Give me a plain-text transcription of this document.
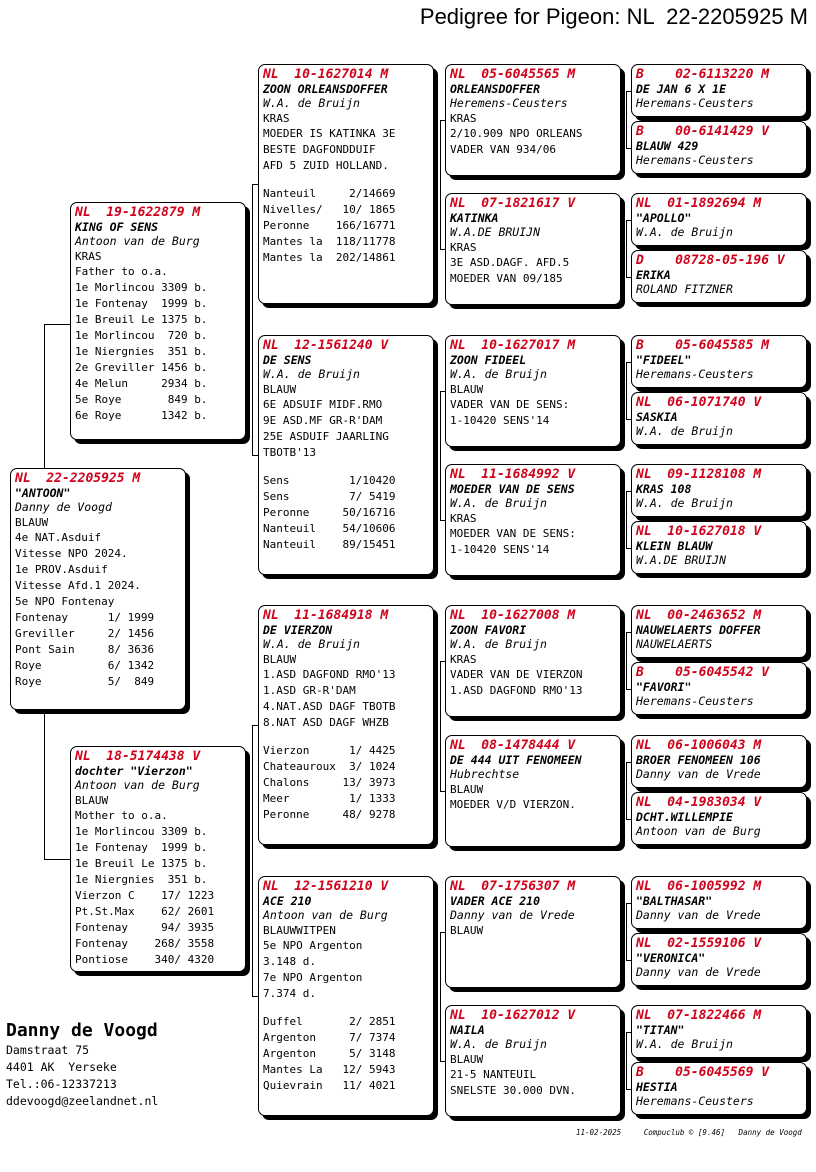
Pedigree for Pigeon: NL  22-2205925 M
NL  22-2205925 M
"ANTOON"
Danny de Voogd
BLAUW
4e NAT.Asduif
Vitesse NPO 2024.
1e PROV.Asduif
Vitesse Afd.1 2024.
5e NPO Fontenay
Fontenay      1/ 1999
Greviller     2/ 1456
Pont Sain     8/ 3636
Roye          6/ 1342
Roye          5/  849
NL  19-1622879 M
KING OF SENS
Antoon van de Burg
KRAS
Father to o.a.
1e Morlincou 3309 b.
1e Fontenay  1999 b.
1e Breuil Le 1375 b.
1e Morlincou  720 b.
1e Niergnies  351 b.
2e Greviller 1456 b.
4e Melun     2934 b.
5e Roye       849 b.
6e Roye      1342 b.
NL  18-5174438 V
dochter "Vierzon"
Antoon van de Burg
BLAUW
Mother to o.a.
1e Morlincou 3309 b.
1e Fontenay  1999 b.
1e Breuil Le 1375 b.
1e Niergnies  351 b.
Vierzon C    17/ 1223
Pt.St.Max    62/ 2601
Fontenay     94/ 3935
Fontenay    268/ 3558
Pontiose    340/ 4320
NL  10-1627014 M
ZOON ORLEANSDOFFER
W.A. de Bruijn
KRAS
MOEDER IS KATINKA 3E
BESTE DAGFONDDUIF
AFD 5 ZUID HOLLAND.
Nanteuil     2/14669
Nivelles/   10/ 1865
Peronne    166/16771
Mantes la  118/11778
Mantes la  202/14861
NL  12-1561240 V
DE SENS
W.A. de Bruijn
BLAUW
6E ADSUIF MIDF.RMO
9E ASD.MF GR-R'DAM
25E ASDUIF JAARLING
TBOTB'13
Sens         1/10420
Sens         7/ 5419
Peronne     50/16716
Nanteuil    54/10606
Nanteuil    89/15451
NL  11-1684918 M
DE VIERZON
W.A. de Bruijn
BLAUW
1.ASD DAGFOND RMO'13
1.ASD GR-R'DAM
4.NAT.ASD DAGF TBOTB
8.NAT ASD DAGF WHZB
Vierzon      1/ 4425
Chateauroux  3/ 1024
Chalons     13/ 3973
Meer         1/ 1333
Peronne     48/ 9278
NL  12-1561210 V
ACE 210
Antoon van de Burg
BLAUWWITPEN
5e NPO Argenton
3.148 d.
7e NPO Argenton
7.374 d.
Duffel       2/ 2851
Argenton     7/ 7374
Argenton     5/ 3148
Mantes La   12/ 5943
Quievrain   11/ 4021
NL  05-6045565 M
ORLEANSDOFFER
Heremens-Ceusters
KRAS
2/10.909 NPO ORLEANS
VADER VAN 934/06
NL  07-1821617 V
KATINKA
W.A.DE BRUIJN
KRAS
3E ASD.DAGF. AFD.5
MOEDER VAN 09/185
NL  10-1627017 M
ZOON FIDEEL
W.A. de Bruijn
BLAUW
VADER VAN DE SENS:
1-10420 SENS'14
NL  11-1684992 V
MOEDER VAN DE SENS
W.A. de Bruijn
KRAS
MOEDER VAN DE SENS:
1-10420 SENS'14
NL  10-1627008 M
ZOON FAVORI
W.A. de Bruijn
KRAS
VADER VAN DE VIERZON
1.ASD DAGFOND RMO'13
NL  08-1478444 V
DE 444 UIT FENOMEEN
Hubrechtse
BLAUW
MOEDER V/D VIERZON.
NL  07-1756307 M
VADER ACE 210
Danny van de Vrede
BLAUW
NL  10-1627012 V
NAILA
W.A. de Bruijn
BLAUW
21-5 NANTEUIL
SNELSTE 30.000 DVN.
B    02-6113220 M
DE JAN 6 X 1E
Heremans-Ceusters
B    00-6141429 V
BLAUW 429
Heremans-Ceusters
NL  01-1892694 M
"APOLLO"
W.A. de Bruijn
D    08728-05-196 V
ERIKA
ROLAND FITZNER
B    05-6045585 M
"FIDEEL"
Heremans-Ceusters
NL  06-1071740 V
SASKIA
W.A. de Bruijn
NL  09-1128108 M
KRAS 108
W.A. de Bruijn
NL  10-1627018 V
KLEIN BLAUW
W.A.DE BRUIJN
NL  00-2463652 M
NAUWELAERTS DOFFER
NAUWELAERTS
B    05-6045542 V
"FAVORI"
Heremans-Ceusters
NL  06-1006043 M
BROER FENOMEEN 106
Danny van de Vrede
NL  04-1983034 V
DCHT.WILLEMPIE
Antoon van de Burg
NL  06-1005992 M
"BALTHASAR"
Danny van de Vrede
NL  02-1559106 V
"VERONICA"
Danny van de Vrede
NL  07-1822466 M
"TITAN"
W.A. de Bruijn
B    05-6045569 V
HESTIA
Heremans-Ceusters
Danny de Voogd
Damstraat 75
4401 AK  Yerseke
Tel.:06-12337213
ddevoogd@zeelandnet.nl
11-02-2025     Compuclub © [9.46]   Danny de Voogd
